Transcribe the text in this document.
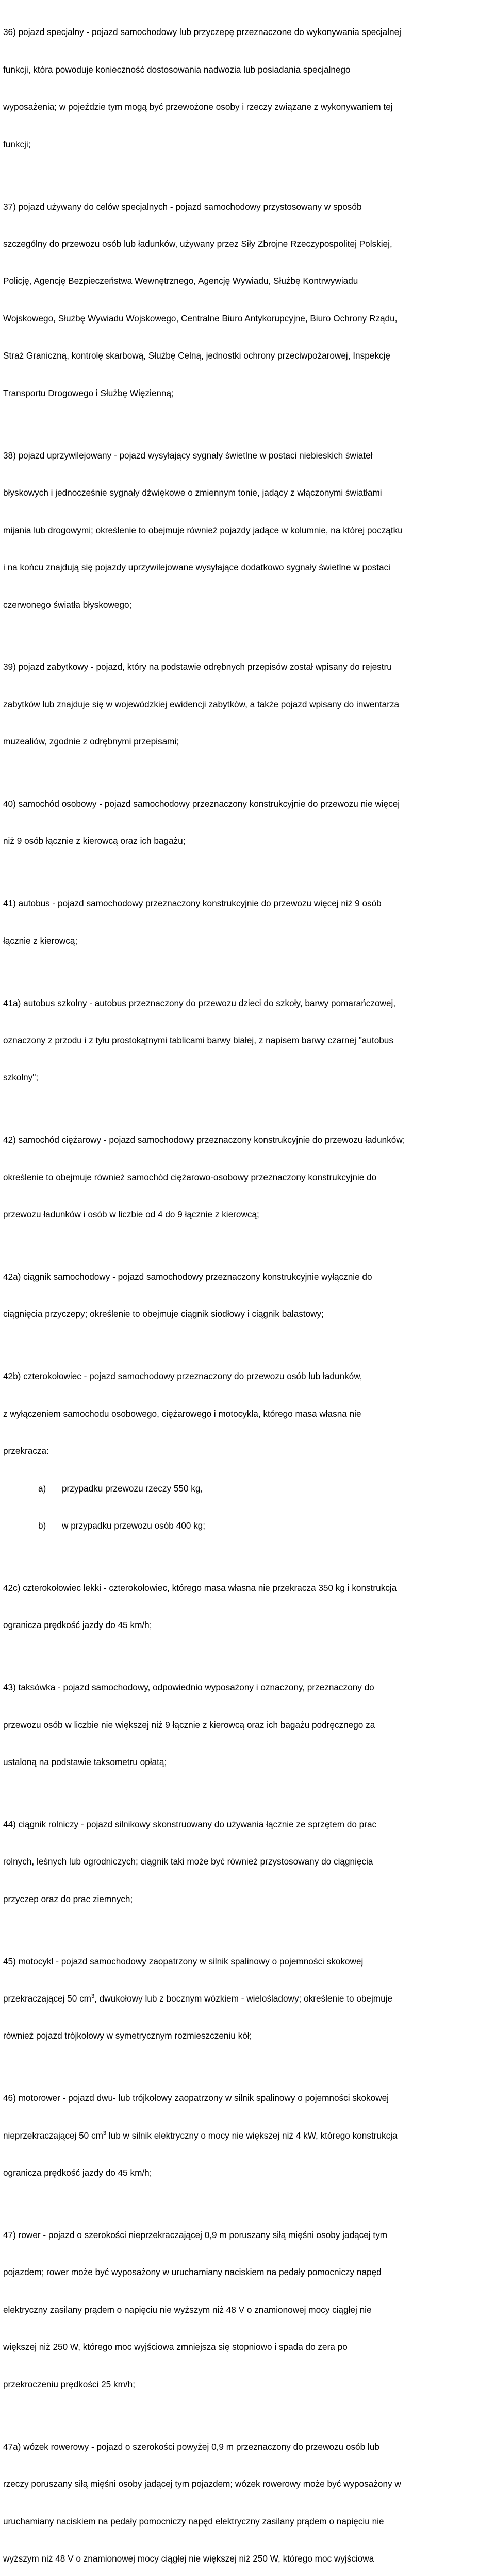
36) pojazd specjalny - pojazd samochodowy lub przyczepę przeznaczone do wykonywania specjalnej

funkcji, która powoduje konieczność dostosowania nadwozia lub posiadania specjalnego

wyposażenia; w pojeździe tym mogą być przewożone osoby i rzeczy związane z wykonywaniem tej

funkcji;

37) pojazd używany do celów specjalnych - pojazd samochodowy przystosowany w sposób

szczególny do przewozu osób lub ładunków, używany przez Siły Zbrojne Rzeczypospolitej Polskiej,

Policję, Agencję Bezpieczeństwa Wewnętrznego, Agencję Wywiadu, Służbę Kontrwywiadu

Wojskowego, Służbę Wywiadu Wojskowego, Centralne Biuro Antykorupcyjne, Biuro Ochrony Rządu,

Straż Graniczną, kontrolę skarbową, Służbę Celną, jednostki ochrony przeciwpożarowej, Inspekcję

Transportu Drogowego i Służbę Więzienną;

38) pojazd uprzywilejowany - pojazd wysyłający sygnały świetlne w postaci niebieskich świateł

błyskowych i jednocześnie sygnały dźwiękowe o zmiennym tonie, jadący z włączonymi światłami

mijania lub drogowymi; określenie to obejmuje również pojazdy jadące w kolumnie, na której początku

i na końcu znajdują się pojazdy uprzywilejowane wysyłające dodatkowo sygnały świetlne w postaci

czerwonego światła błyskowego;

39) pojazd zabytkowy - pojazd, który na podstawie odrębnych przepisów został wpisany do rejestru

zabytków lub znajduje się w wojewódzkiej ewidencji zabytków, a także pojazd wpisany do inwentarza

muzealiów, zgodnie z odrębnymi przepisami;

40) samochód osobowy - pojazd samochodowy przeznaczony konstrukcyjnie do przewozu nie więcej

niż 9 osób łącznie z kierowcą oraz ich bagażu;

41) autobus - pojazd samochodowy przeznaczony konstrukcyjnie do przewozu więcej niż 9 osób

łącznie z kierowcą;

41a) autobus szkolny - autobus przeznaczony do przewozu dzieci do szkoły, barwy pomarańczowej,

oznaczony z przodu i z tyłu prostokątnymi tablicami barwy białej, z napisem barwy czarnej "autobus

szkolny";

42) samochód ciężarowy - pojazd samochodowy przeznaczony konstrukcyjnie do przewozu ładunków;

określenie to obejmuje również samochód ciężarowo-osobowy przeznaczony konstrukcyjnie do

przewozu ładunków i osób w liczbie od 4 do 9 łącznie z kierowcą;

42a) ciągnik samochodowy - pojazd samochodowy przeznaczony konstrukcyjnie wyłącznie do

ciągnięcia przyczepy; określenie to obejmuje ciągnik siodłowy i ciągnik balastowy;

42b) czterokołowiec - pojazd samochodowy przeznaczony do przewozu osób lub ładunków,

z wyłączeniem samochodu osobowego, ciężarowego i motocykla, którego masa własna nie

przekracza:

a) przypadku przewozu rzeczy 550 kg,

b) w przypadku przewozu osób 400 kg;

42c) czterokołowiec lekki - czterokołowiec, którego masa własna nie przekracza 350 kg i konstrukcja

ogranicza prędkość jazdy do 45 km/h;

43) taksówka - pojazd samochodowy, odpowiednio wyposażony i oznaczony, przeznaczony do

przewozu osób w liczbie nie większej niż 9 łącznie z kierowcą oraz ich bagażu podręcznego za

ustaloną na podstawie taksometru opłatą;

44) ciągnik rolniczy - pojazd silnikowy skonstruowany do używania łącznie ze sprzętem do prac

rolnych, leśnych lub ogrodniczych; ciągnik taki może być również przystosowany do ciągnięcia

przyczep oraz do prac ziemnych;

45) motocykl - pojazd samochodowy zaopatrzony w silnik spalinowy o pojemności skokowej

przekraczającej 50 $cm^3$, dwukołowy lub z bocznym wózkiem - wielośladowy; określenie to obejmuje

również pojazd trójkołowy w symetrycznym rozmieszczeniu kół;

46) motorower - pojazd dwu- lub trójkołowy zaopatrzony w silnik spalinowy o pojemności skokowej

nieprzekraczającej 50 $cm^3$ lub w silnik elektryczny o mocy nie większej niż 4 kW, którego konstrukcja

ogranicza prędkość jazdy do 45 km/h;

47) rower - pojazd o szerokości nieprzekraczającej 0,9 m poruszany siłą mięśni osoby jadącej tym

pojazdem; rower może być wyposażony w uruchamiany naciskiem na pedały pomocniczy napęd

elektryczny zasilany prądem o napięciu nie wyższym niż 48 V o znamionowej mocy ciągłej nie

większej niż 250 W, którego moc wyjściowa zmniejsza się stopniowo i spada do zera po

przekroczeniu prędkości 25 km/h;

47a) wózek rowerowy - pojazd o szerokości powyżej 0,9 m przeznaczony do przewozu osób lub

rzeczy poruszany siłą mięśni osoby jadącej tym pojazdem; wózek rowerowy może być wyposażony w

uruchamiany naciskiem na pedały pomocniczy napęd elektryczny zasilany prądem o napięciu nie

wyższym niż 48 V o znamionowej mocy ciągłej nie większej niż 250 W, którego moc wyjściowa
